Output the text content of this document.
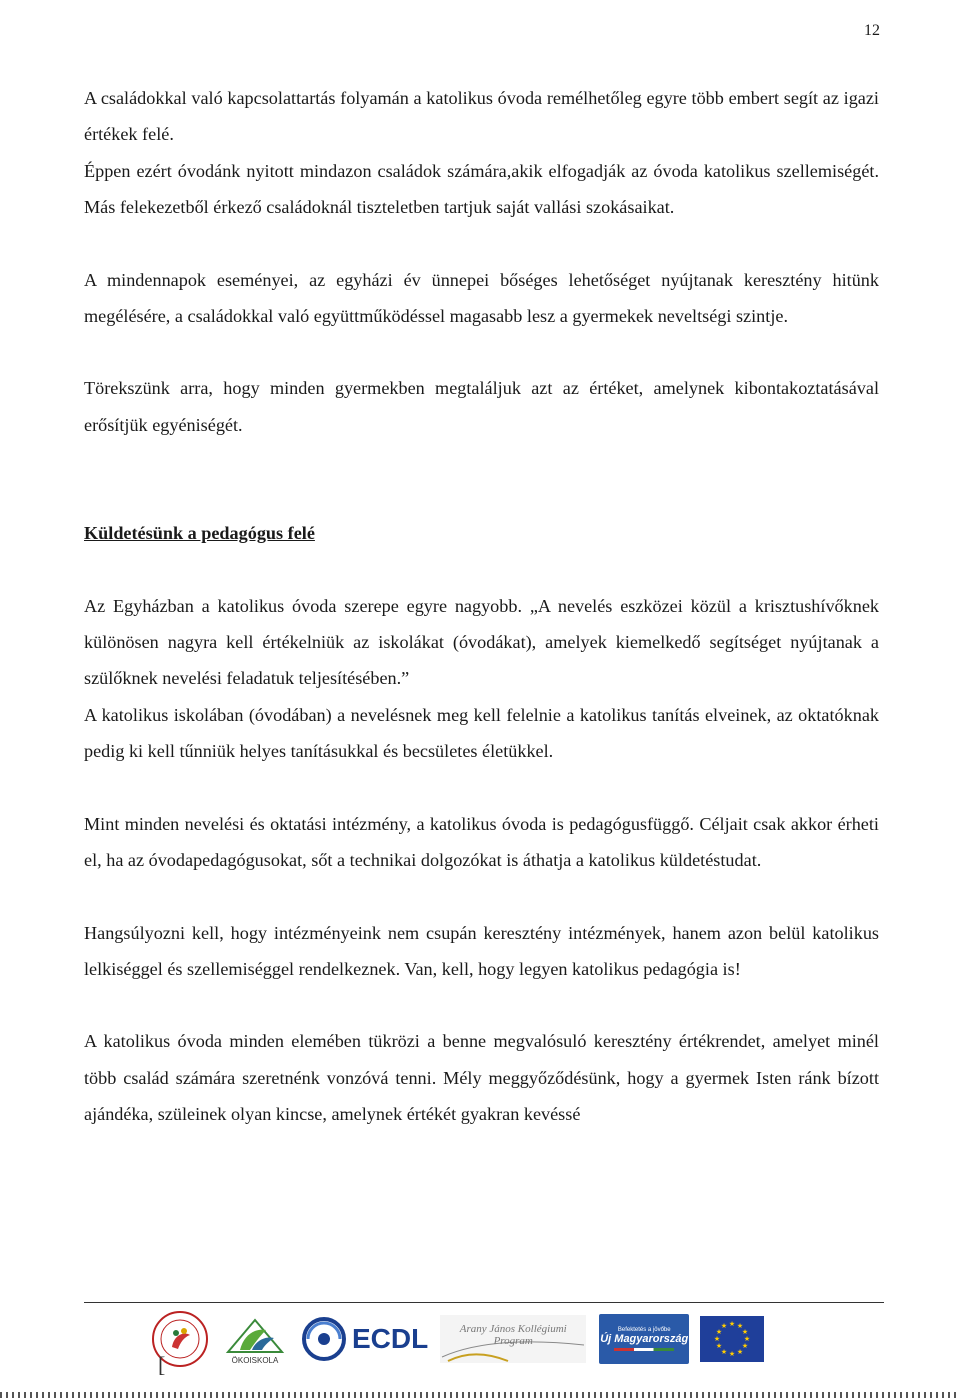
12

A családokkal való kapcsolattartás folyamán a katolikus óvoda remélhetőleg egyre több embert segít az igazi értékek felé.

Éppen ezért óvodánk nyitott mindazon családok számára,akik elfogadják az óvoda katolikus szellemiségét. Más felekezetből érkező családoknál tiszteletben tartjuk saját vallási szokásaikat.

A mindennapok eseményei, az egyházi év ünnepei bőséges lehetőséget nyújtanak keresztény hitünk megélésére, a családokkal való együttműködéssel magasabb lesz a gyermekek neveltségi szintje.

Törekszünk arra, hogy minden gyermekben megtaláljuk azt az értéket, amelynek kibontakoztatásával erősítjük egyéniségét.

Küldetésünk a pedagógus felé

Az Egyházban a katolikus óvoda szerepe egyre nagyobb. „A nevelés eszközei közül a krisztushívőknek különösen nagyra kell értékelniük az iskolákat (óvodákat), amelyek kiemelkedő segítséget nyújtanak a szülőknek nevelési feladatuk teljesítésében.”

A katolikus iskolában (óvodában) a nevelésnek meg kell felelnie a katolikus tanítás elveinek, az oktatóknak pedig ki kell tűnniük helyes tanításukkal és becsületes életükkel.

Mint minden nevelési és oktatási intézmény, a katolikus óvoda is pedagógusfüggő. Céljait csak akkor érheti el, ha az óvodapedagógusokat, sőt a technikai dolgozókat is áthatja a katolikus küldetéstudat.

Hangsúlyozni kell, hogy intézményeink nem csupán keresztény intézmények, hanem azon belül katolikus lelkiséggel és szellemiséggel rendelkeznek. Van, kell, hogy legyen katolikus pedagógia is!

A katolikus óvoda minden elemében tükrözi a benne megvalósuló keresztény értékrendet, amelyet minél több család számára szeretnénk vonzóvá tenni. Mély meggyőződésünk, hogy a gyermek Isten ránk bízott ajándéka, szüleinek olyan kincse, amelynek értékét gyakran kevéssé

ÖKOISKOLA
ECDL	Arany János Kollégiumi Program
Befektetés a jövőbe
Új Magyarország
★ ★
★
★
★
★
★
★
★
★
★
★
[
